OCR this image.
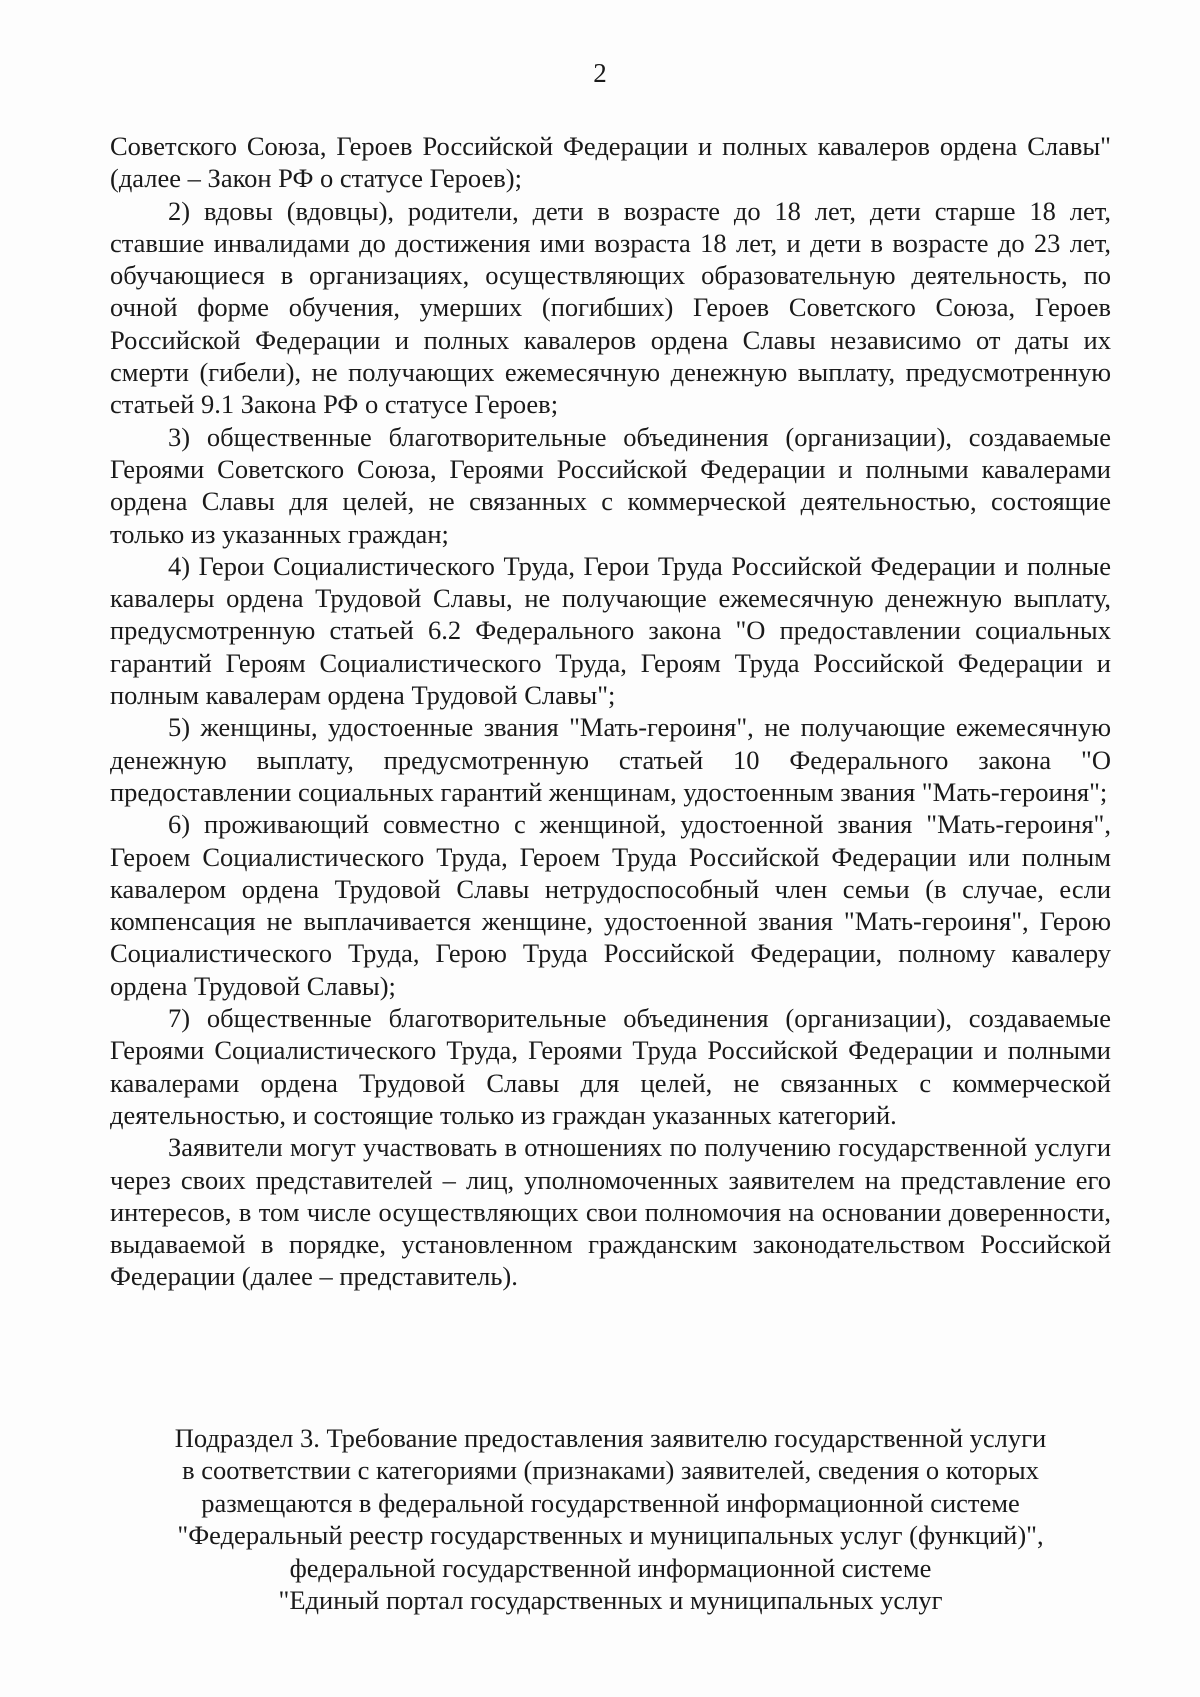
2

Советского Союза, Героев Российской Федерации и полных кавалеров ордена Славы" (далее – Закон РФ о статусе Героев);

2) вдовы (вдовцы), родители, дети в возрасте до 18 лет, дети старше 18 лет, ставшие инвалидами до достижения ими возраста 18 лет, и дети в возрасте до 23 лет, обучающиеся в организациях, осуществляющих образовательную деятельность, по очной форме обучения, умерших (погибших) Героев Советского Союза, Героев Российской Федерации и полных кавалеров ордена Славы независимо от даты их смерти (гибели), не получающих ежемесячную денежную выплату, предусмотренную статьей 9.1 Закона РФ о статусе Героев;

3) общественные благотворительные объединения (организации), создаваемые Героями Советского Союза, Героями Российской Федерации и полными кавалерами ордена Славы для целей, не связанных с коммерческой деятельностью, состоящие только из указанных граждан;

4) Герои Социалистического Труда, Герои Труда Российской Федерации и полные кавалеры ордена Трудовой Славы, не получающие ежемесячную денежную выплату, предусмотренную статьей 6.2 Федерального закона "О предоставлении социальных гарантий Героям Социалистического Труда, Героям Труда Российской Федерации и полным кавалерам ордена Трудовой Славы";

5) женщины, удостоенные звания "Мать-героиня", не получающие ежемесячную денежную выплату, предусмотренную статьей 10 Федерального закона "О предоставлении социальных гарантий женщинам, удостоенным звания "Мать-героиня";

6) проживающий совместно с женщиной, удостоенной звания "Мать-героиня", Героем Социалистического Труда, Героем Труда Российской Федерации или полным кавалером ордена Трудовой Славы нетрудоспособный член семьи (в случае, если компенсация не выплачивается женщине, удостоенной звания "Мать-героиня", Герою Социалистического Труда, Герою Труда Российской Федерации, полному кавалеру ордена Трудовой Славы);

7) общественные благотворительные объединения (организации), создаваемые Героями Социалистического Труда, Героями Труда Российской Федерации и полными кавалерами ордена Трудовой Славы для целей, не связанных с коммерческой деятельностью, и состоящие только из граждан указанных категорий.

Заявители могут участвовать в отношениях по получению государственной услуги через своих представителей – лиц, уполномоченных заявителем на представление его интересов, в том числе осуществляющих свои полномочия на основании доверенности, выдаваемой в порядке, установленном гражданским законодательством Российской Федерации (далее – представитель).

Подраздел 3. Требование предоставления заявителю государственной услуги
в соответствии с категориями (признаками) заявителей, сведения о которых
размещаются в федеральной государственной информационной системе
"Федеральный реестр государственных и муниципальных услуг (функций)",
федеральной государственной информационной системе
"Единый портал государственных и муниципальных услуг
